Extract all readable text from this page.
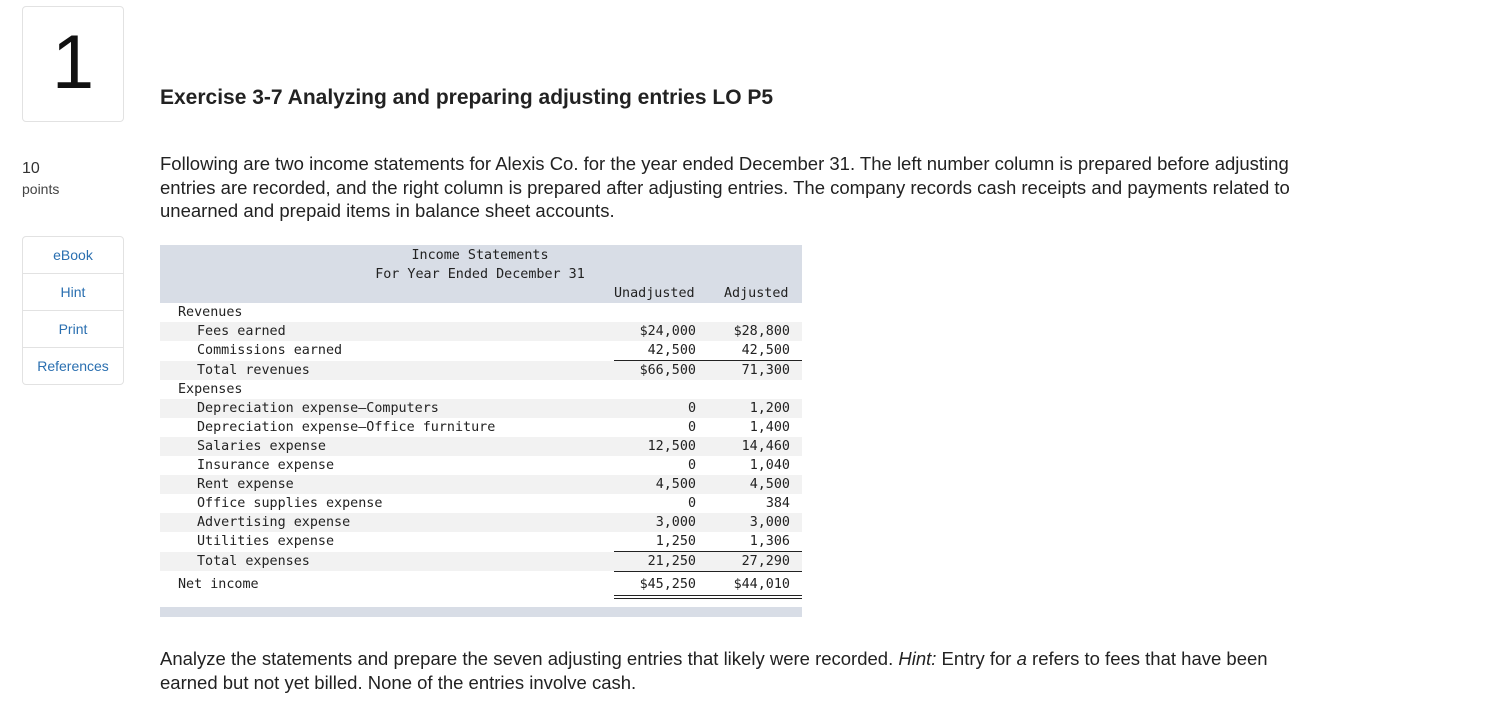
1
10
points
eBook
Hint
Print
References
Exercise 3-7 Analyzing and preparing adjusting entries LO P5
Following are two income statements for Alexis Co. for the year ended December 31. The left number column is prepared before adjusting entries are recorded, and the right column is prepared after adjusting entries. The company records cash receipts and payments related to unearned and prepaid items in balance sheet accounts.
Income Statements
For Year Ended December 31
Unadjusted Adjusted
Revenues
Fees earned	$24,000	$28,800
Commissions earned	42,500	42,500
Total revenues	$66,500	71,300
Expenses
Depreciation expense—Computers	0	1,200
Depreciation expense—Office furniture	0	1,400
Salaries expense	12,500	14,460
Insurance expense	0	1,040
Rent expense	4,500	4,500
Office supplies expense	0	384
Advertising expense	3,000	3,000
Utilities expense	1,250	1,306
Total expenses	21,250	27,290
Net income	$45,250	$44,010
Analyze the statements and prepare the seven adjusting entries that likely were recorded. Hint: Entry for a refers to fees that have been earned but not yet billed. None of the entries involve cash.
